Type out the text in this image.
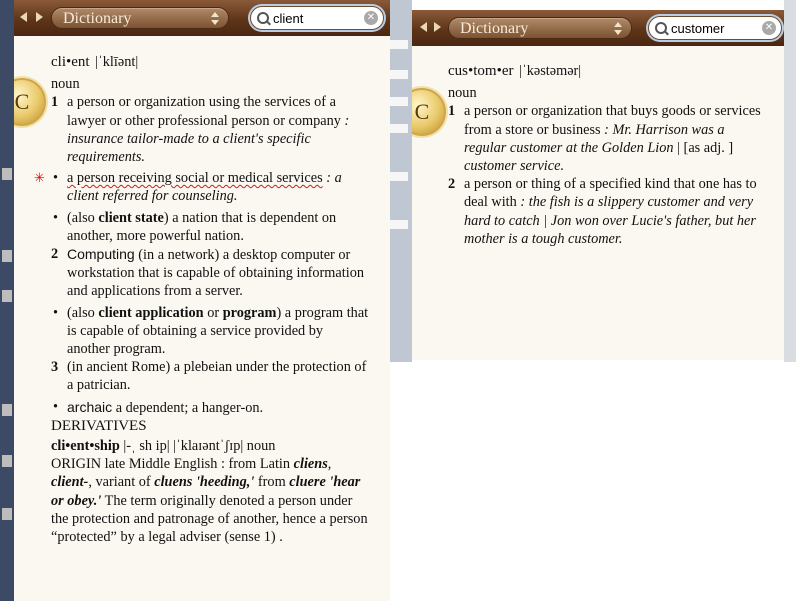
Dictionary
client	✕
C

cli•ent |ˈklīənt|

noun

1 a person or organization using the services of a lawyer or other professional person or company : insurance tailor-made to a client's specific requirements.
✳ • a person receiving social or medical services : a client referred for counseling.
• (also client state) a nation that is dependent on another, more powerful nation.
2 Computing (in a network) a desktop computer or workstation that is capable of obtaining information and applications from a server.
• (also client application or program) a program that is capable of obtaining a service provided by another program.
3 (in ancient Rome) a plebeian under the protection of a patrician.
• archaic a dependent; a hanger-on.

DERIVATIVES

cli•ent•ship |-ˌ sh ip| |ˈklaɪəntˈʃɪp| noun

ORIGIN late Middle English : from Latin cliens, client-, variant of cluens 'heeding,' from cluere 'hear or obey.' The term originally denoted a person under the protection and patronage of another, hence a person “protected” by a legal adviser (sense 1) .

Dictionary
customer	✕
C

cus•tom•er |ˈkəstəmər|

noun

1 a person or organization that buys goods or services from a store or business : Mr. Harrison was a regular customer at the Golden Lion | [as adj. ] customer service.
2 a person or thing of a specified kind that one has to deal with : the fish is a slippery customer and very hard to catch | Jon won over Lucie's father, but her mother is a tough customer.
